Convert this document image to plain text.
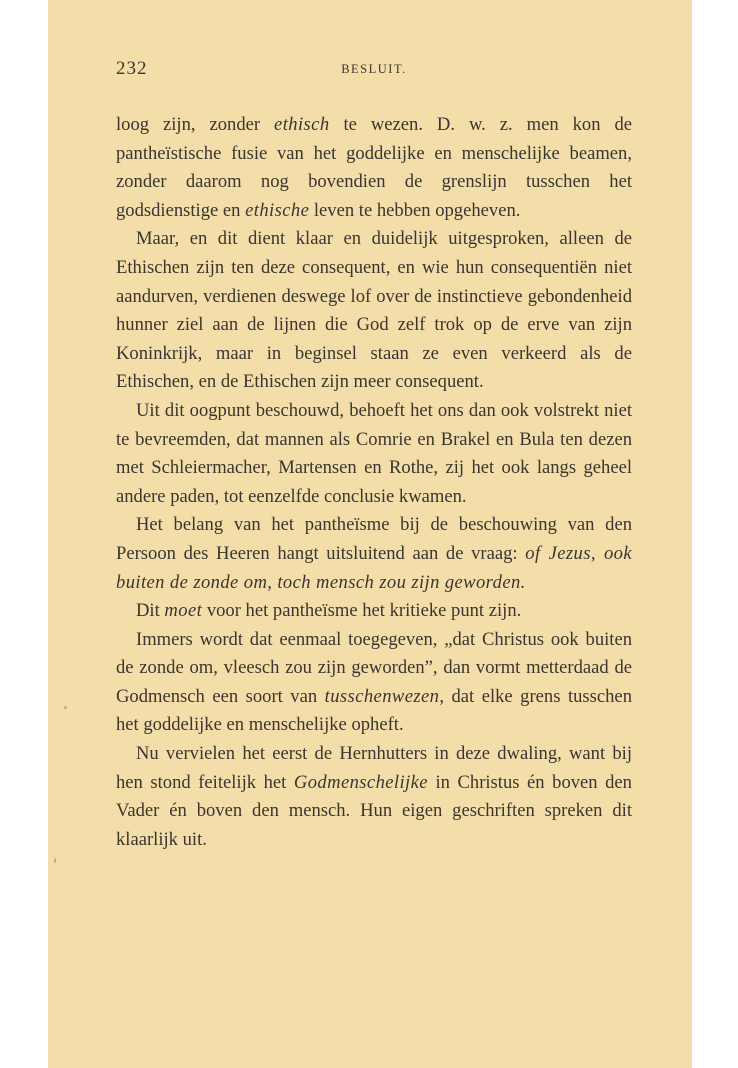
232	BESLUIT.

loog zijn, zonder ethisch te wezen. D. w. z. men kon de pantheïstische fusie van het goddelijke en menschelijke beamen, zonder daarom nog bovendien de grenslijn tusschen het godsdienstige en ethische leven te hebben opgeheven.

Maar, en dit dient klaar en duidelijk uitgesproken, alleen de Ethischen zijn ten deze consequent, en wie hun consequentiën niet aandurven, verdienen deswege lof over de instinctieve gebondenheid hunner ziel aan de lijnen die God zelf trok op de erve van zijn Koninkrijk, maar in beginsel staan ze even verkeerd als de Ethischen, en de Ethischen zijn meer consequent.

Uit dit oogpunt beschouwd, behoeft het ons dan ook volstrekt niet te bevreemden, dat mannen als Comrie en Brakel en Bula ten dezen met Schleiermacher, Martensen en Rothe, zij het ook langs geheel andere paden, tot eenzelfde conclusie kwamen.

Het belang van het pantheïsme bij de beschouwing van den Persoon des Heeren hangt uitsluitend aan de vraag: of Jezus, ook buiten de zonde om, toch mensch zou zijn geworden.

Dit moet voor het pantheïsme het kritieke punt zijn.

Immers wordt dat eenmaal toegegeven, „dat Christus ook buiten de zonde om, vleesch zou zijn geworden”, dan vormt metterdaad de Godmensch een soort van tusschenwezen, dat elke grens tusschen het goddelijke en menschelijke opheft.

Nu vervielen het eerst de Hernhutters in deze dwaling, want bij hen stond feitelijk het Godmenschelijke in Christus én boven den Vader én boven den mensch. Hun eigen geschriften spreken dit klaarlijk uit.
